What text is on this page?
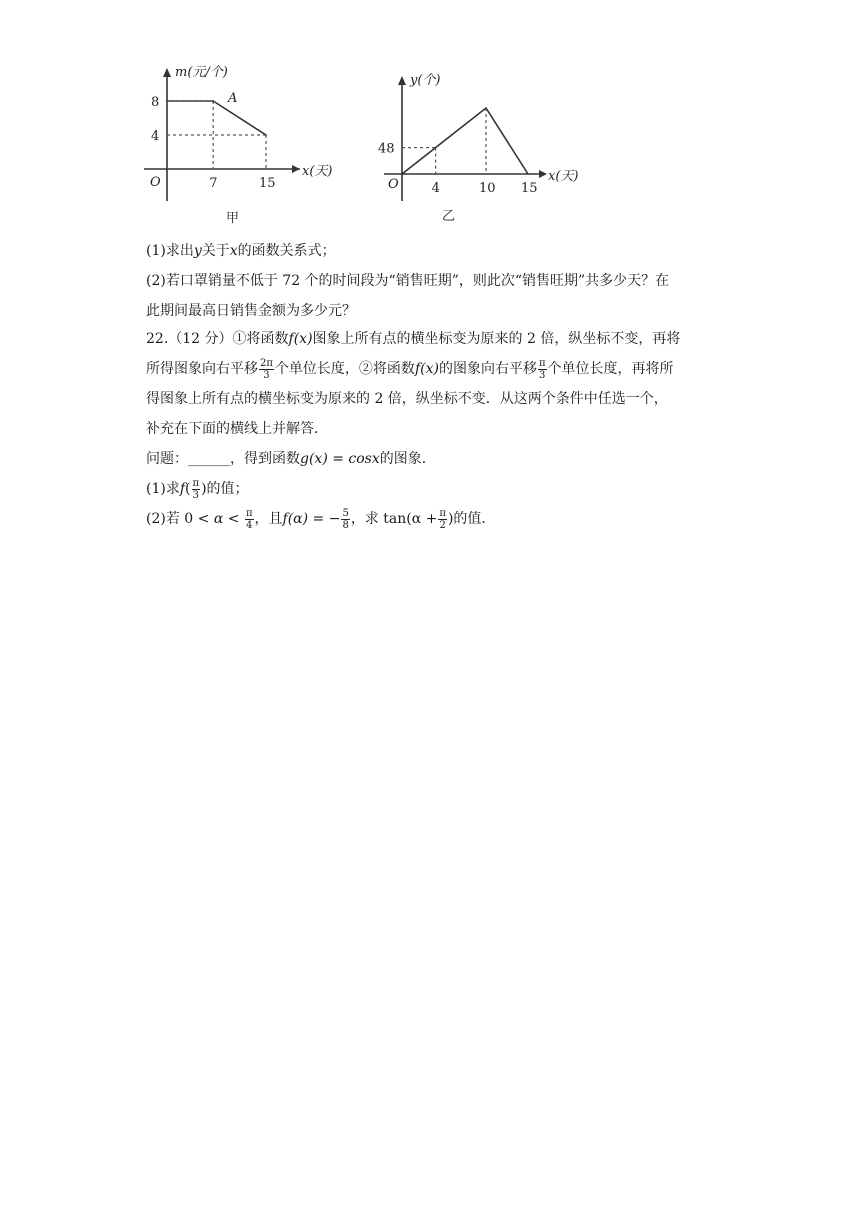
7	15
8
4
m(元/个)
x(天)
O
A
甲
4	10 15
48
y(个)
x(天)
O
乙
(1)求出y关于x的函数关系式；
(2)若口罩销量不低于 72 个的时间段为“销售旺期”，则此次“销售旺期”共多少天？在
此期间最高日销售金额为多少元？
22.（12 分）①将函数f(x)图象上所有点的横坐标变为原来的 2 倍，纵坐标不变，再将
所得图象向右平移 $\frac{2\pi}{3}$ 个单位长度，②将函数f(x)的图象向右平移 $\frac{\pi}{3}$ 个单位长度，再将所
得图象上所有点的横坐标变为原来的 2 倍，纵坐标不变．从这两个条件中任选一个，
补充在下面的横线上并解答．
问题：______，得到函数g(x) = cosx的图象．
(1)求$f( \frac{\pi}{3}$ )的值；
(2)若 $0 < \alpha < \frac{\pi}{4}$ ，且f(α) = − $\frac{5}{8}$ ，求 $\tan(\alpha + \frac{\pi}{2}$ )的值．
